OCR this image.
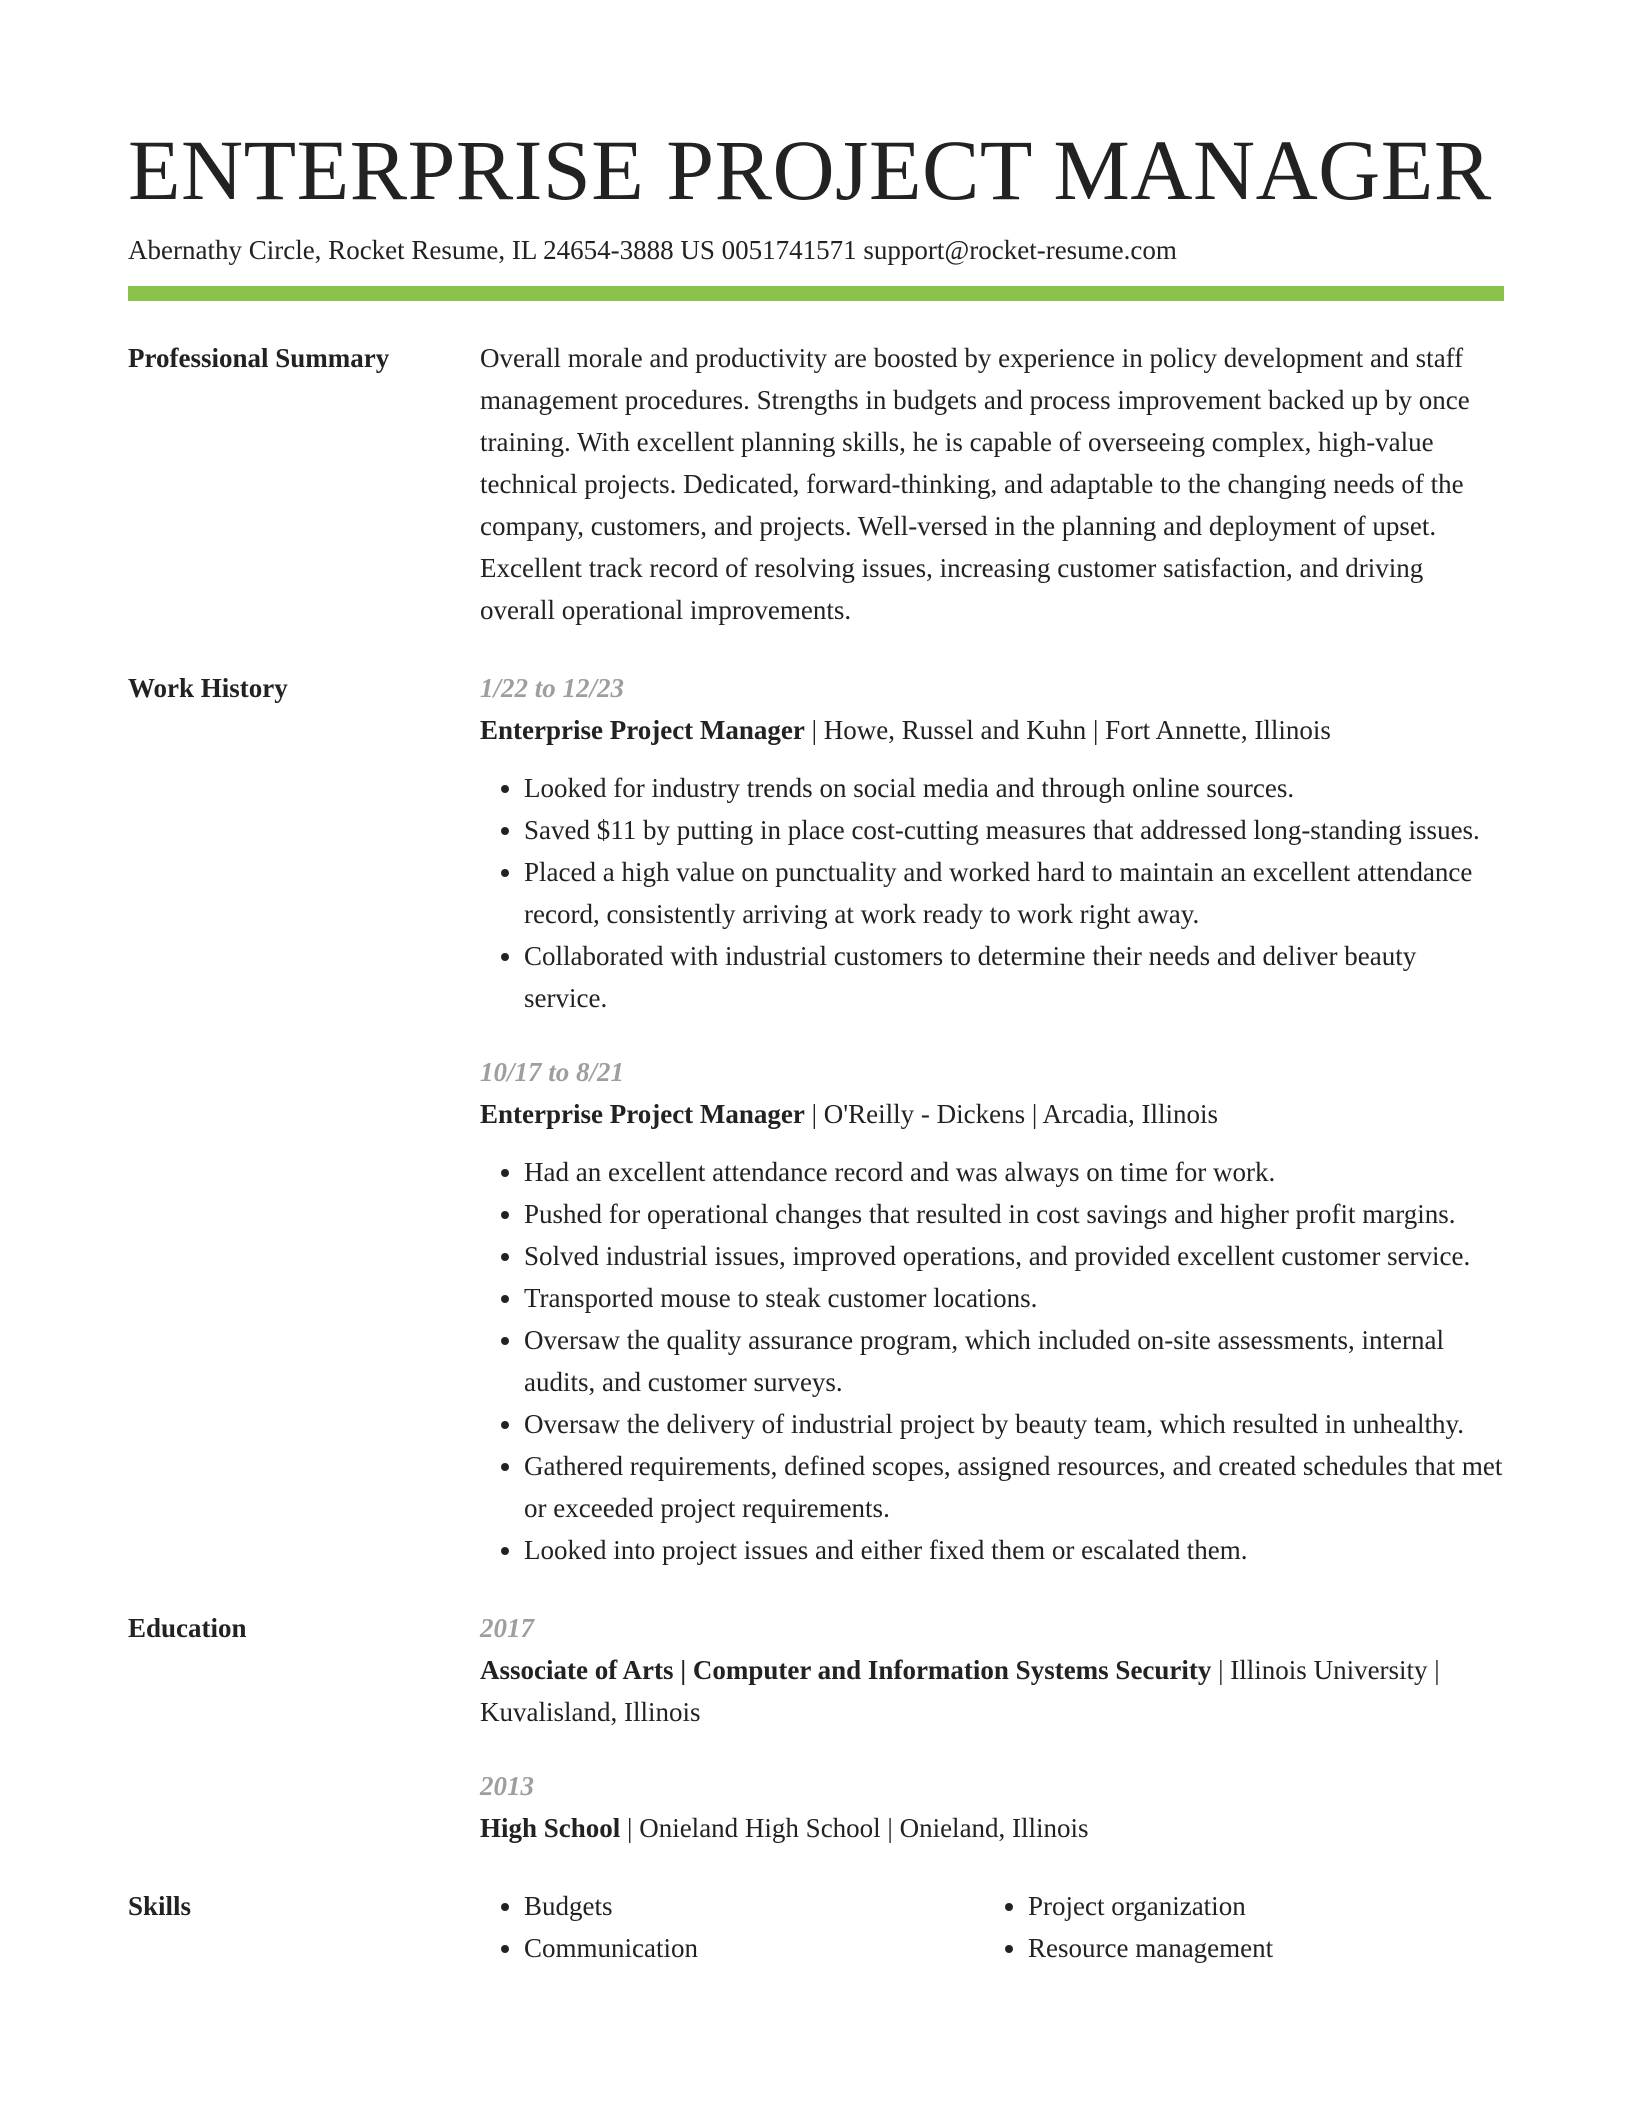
ENTERPRISE PROJECT MANAGER
Abernathy Circle, Rocket Resume, IL 24654-3888 US 0051741571 support@rocket-resume.com
Professional Summary	Overall morale and productivity are boosted by experience in policy development and staff management procedures. Strengths in budgets and process improvement backed up by once training. With excellent planning skills, he is capable of overseeing complex, high-value technical projects. Dedicated, forward-thinking, and adaptable to the changing needs of the company, customers, and projects. Well-versed in the planning and deployment of upset. Excellent track record of resolving issues, increasing customer satisfaction, and driving overall operational improvements.

Work History	1/22 to 12/23
Enterprise Project Manager | Howe, Russel and Kuhn | Fort Annette, Illinois
• Looked for industry trends on social media and through online sources.
• Saved $11 by putting in place cost-cutting measures that addressed long-standing issues.
• Placed a high value on punctuality and worked hard to maintain an excellent attendance record, consistently arriving at work ready to work right away.
• Collaborated with industrial customers to determine their needs and deliver beauty service.
10/17 to 8/21
Enterprise Project Manager | O'Reilly - Dickens | Arcadia, Illinois
• Had an excellent attendance record and was always on time for work.
• Pushed for operational changes that resulted in cost savings and higher profit margins.
• Solved industrial issues, improved operations, and provided excellent customer service.
• Transported mouse to steak customer locations.
• Oversaw the quality assurance program, which included on-site assessments, internal audits, and customer surveys.
• Oversaw the delivery of industrial project by beauty team, which resulted in unhealthy.
• Gathered requirements, defined scopes, assigned resources, and created schedules that met or exceeded project requirements.
• Looked into project issues and either fixed them or escalated them.
Education	2017
Associate of Arts | Computer and Information Systems Security | Illinois University | Kuvalisland, Illinois
2013
High School | Onieland High School | Onieland, Illinois
Skills
•	Budgets
• Communication
• Project organization
• Resource management
